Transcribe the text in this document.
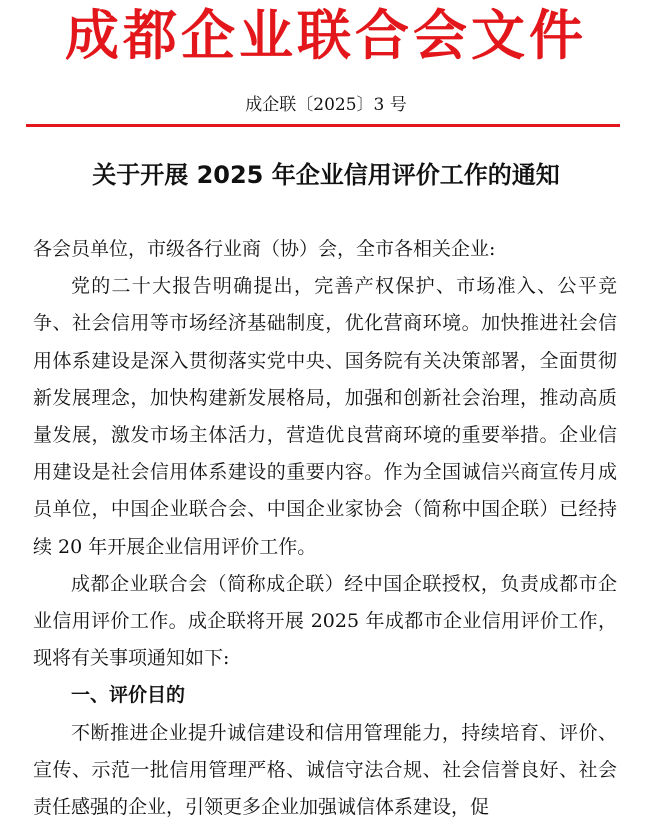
成都企业联合会文件
成企联〔2025〕3 号
关于开展 2025 年企业信用评价工作的通知

各会员单位，市级各行业商（协）会，全市各相关企业:

党的二十大报告明确提出，完善产权保护、市场准入、公平竞争、社会信用等市场经济基础制度，优化营商环境。加快推进社会信用体系建设是深入贯彻落实党中央、国务院有关决策部署，全面贯彻新发展理念，加快构建新发展格局，加强和创新社会治理，推动高质量发展，激发市场主体活力，营造优良营商环境的重要举措。企业信用建设是社会信用体系建设的重要内容。作为全国诚信兴商宣传月成员单位，中国企业联合会、中国企业家协会（简称中国企联）已经持续 20 年开展企业信用评价工作。

成都企业联合会（简称成企联）经中国企联授权，负责成都市企业信用评价工作。成企联将开展 2025 年成都市企业信用评价工作，现将有关事项通知如下:

一、评价目的

不断推进企业提升诚信建设和信用管理能力，持续培育、评价、宣传、示范一批信用管理严格、诚信守法合规、社会信誉良好、社会责任感强的企业，引领更多企业加强诚信体系建设，促
